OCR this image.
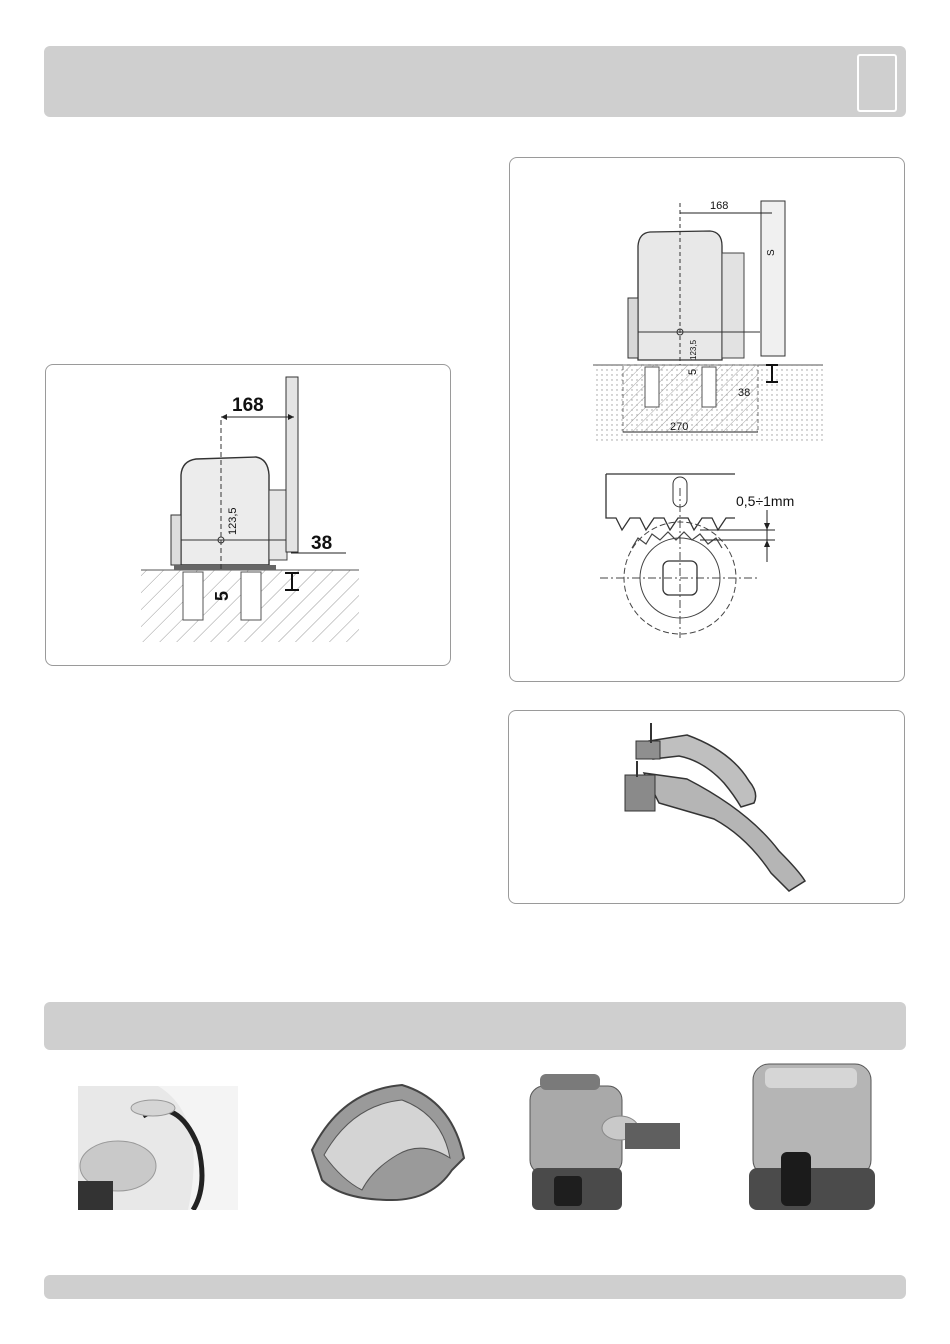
168
123,5
38
5
S
168
123,5
5
38
270
0,5÷1mm
